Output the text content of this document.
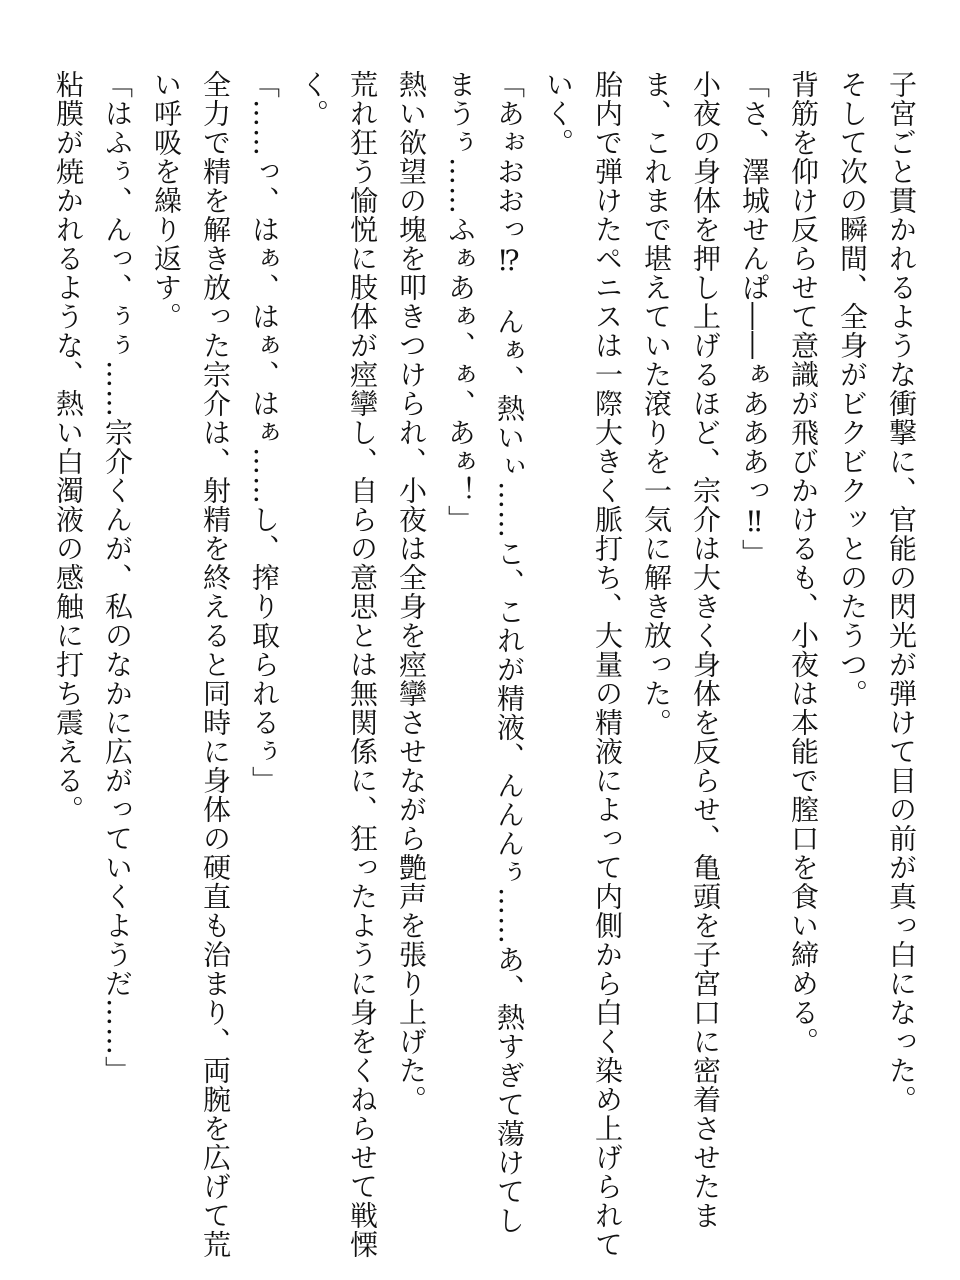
子宮ごと貫かれるような衝撃に、官能の閃光が弾けて目の前が真っ白になった。

そして次の瞬間、全身がビクビクッとのたうつ。

背筋を仰け反らせて意識が飛びかけるも、小夜は本能で膣口を食い締める。

「さ、澤城せんぱ――ぁあああっ‼」

小夜の身体を押し上げるほど、宗介は大きく身体を反らせ、亀頭を子宮口に密着させたまま、これまで堪えていた滾りを一気に解き放った。

胎内で弾けたペニスは一際大きく脈打ち、大量の精液によって内側から白く染め上げられていく。

「あぉおおっ⁉　んぁ、熱いぃ……こ、これが精液、んんんぅ……あ、熱すぎて蕩けてしまうぅ……ふぁあぁ、ぁ、あぁ！」

熱い欲望の塊を叩きつけられ、小夜は全身を痙攣させながら艶声を張り上げた。

荒れ狂う愉悦に肢体が痙攣し、自らの意思とは無関係に、狂ったように身をくねらせて戦慄く。

「……っ、はぁ、はぁ、はぁ……し、搾り取られるぅ」

全力で精を解き放った宗介は、射精を終えると同時に身体の硬直も治まり、両腕を広げて荒い呼吸を繰り返す。

「はふぅ、んっ、ぅぅ……宗介くんが、私のなかに広がっていくようだ……」

粘膜が焼かれるような、熱い白濁液の感触に打ち震える。
